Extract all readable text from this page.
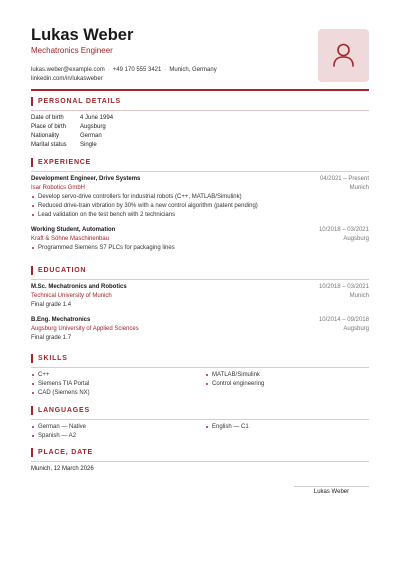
Lukas Weber
Mechatronics Engineer
lukas.weber@example.com · +49 170 555 3421 · Munich, Germany
linkedin.com/in/lukasweber
PERSONAL DETAILS
Date of birth	4 June 1994
Place of birth Augsburg
Nationality	German
Marital status Single
EXPERIENCE
Development Engineer, Drive Systems	04/2021 – Present
Isar Robotics GmbH	Munich
Develop servo-drive controllers for industrial robots (C++, MATLAB/Simulink)
Reduced drive-train vibration by 30% with a new control algorithm (patent pending)
Lead validation on the test bench with 2 technicians
Working Student, Automation	10/2018 – 03/2021
Kraft & Söhne Maschinenbau	Augsburg
Programmed Siemens S7 PLCs for packaging lines
EDUCATION
M.Sc. Mechatronics and Robotics	10/2018 – 03/2021
Technical University of Munich	Munich
Final grade 1.4
B.Eng. Mechatronics	10/2014 – 09/2018
Augsburg University of Applied Sciences	Augsburg
Final grade 1.7
SKILLS
C++
Siemens TIA Portal
CAD (Siemens NX)
MATLAB/Simulink
Control engineering
LANGUAGES
German — Native
Spanish — A2
English — C1
PLACE, DATE
Munich, 12 March 2026
Lukas Weber
